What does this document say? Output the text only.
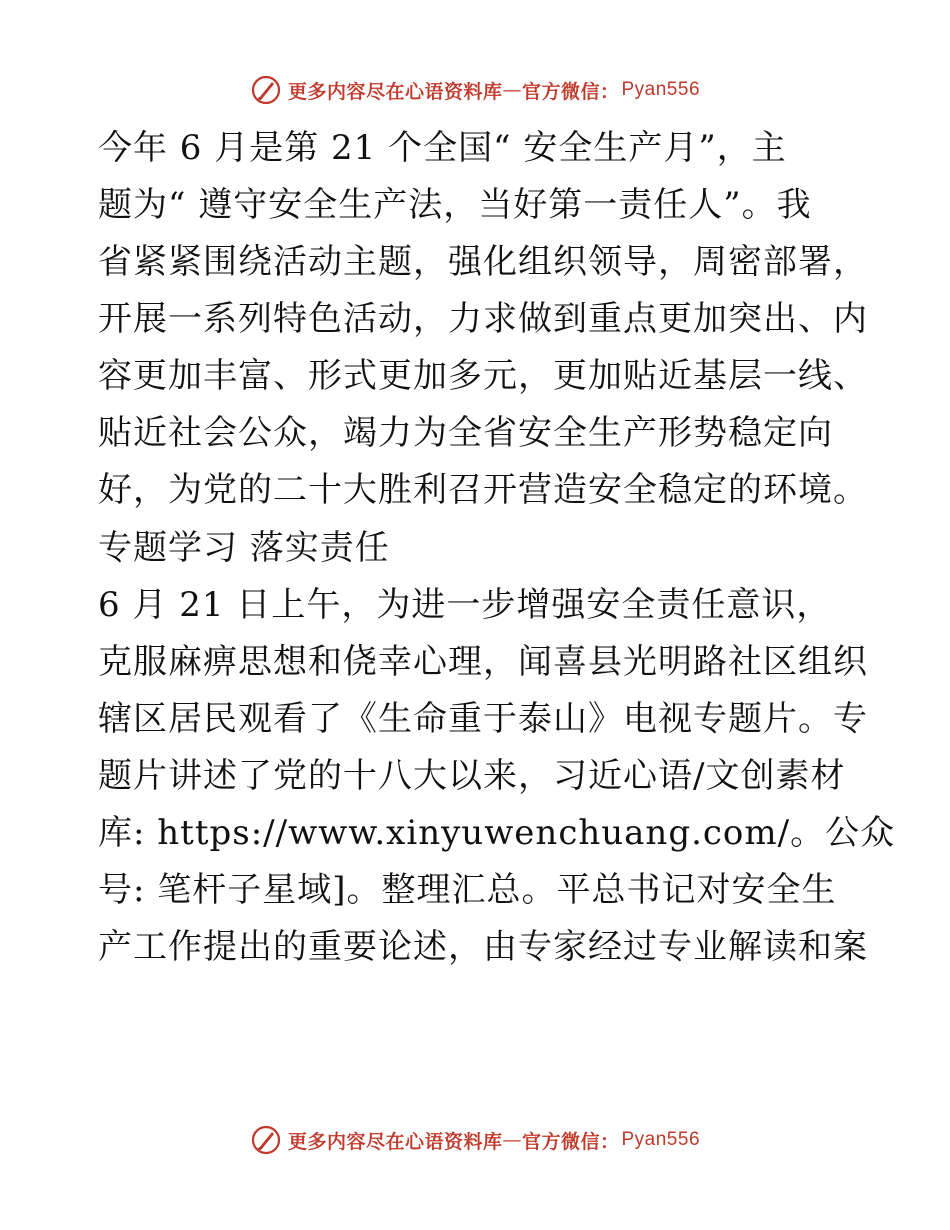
更多内容尽在心语资料库 — 官方微信： Pyan556
今年 6 月是第 21 个全国“ 安全生产月”，主
题为“ 遵守安全生产法，当好第一责任人”。我
省紧紧围绕活动主题，强化组织领导，周密部署，
开展一系列特色活动，力求做到重点更加突出、内
容更加丰富、形式更加多元，更加贴近基层一线、
贴近社会公众，竭力为全省安全生产形势稳定向
好，为党的二十大胜利召开营造安全稳定的环境。
专题学习 落实责任
6 月 21 日上午，为进一步增强安全责任意识，
克服麻痹思想和侥幸心理，闻喜县光明路社区组织
辖区居民观看了《生命重于泰山》电视专题片。专
题片讲述了党的十八大以来，习近心语/文创素材
库: https://www.xinyuwenchuang.com/。公众
号: 笔杆子星域]。整理汇总。平总书记对安全生
产工作提出的重要论述，由专家经过专业解读和案
更多内容尽在心语资料库 — 官方微信： Pyan556
